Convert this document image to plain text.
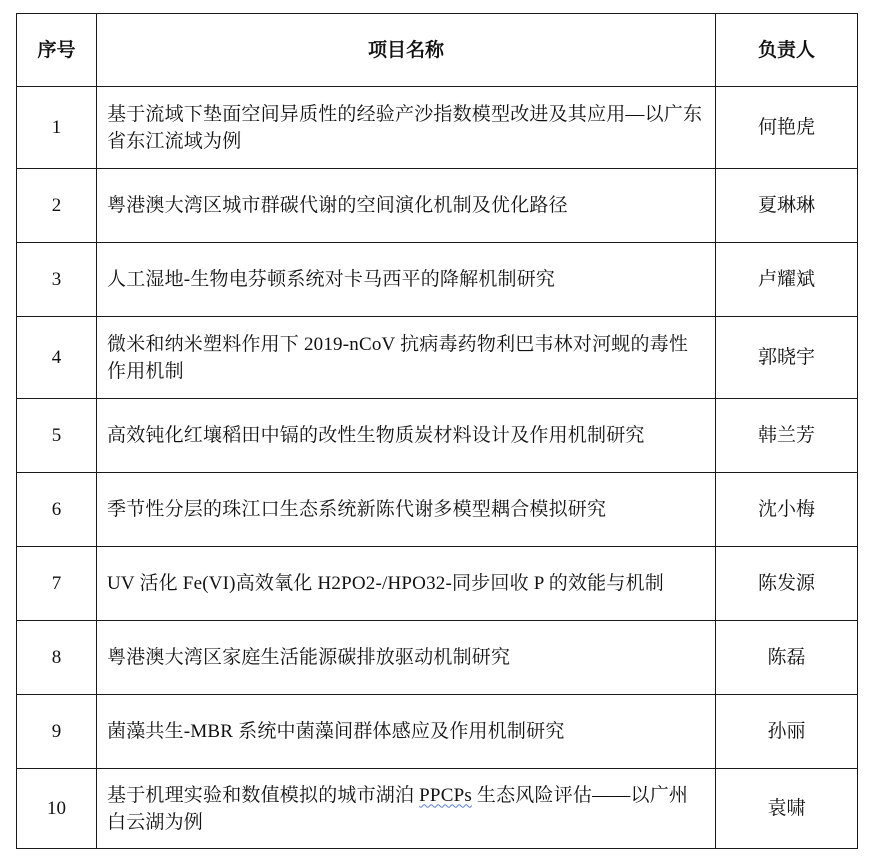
序号	项目名称	负责人
1	基于流域下垫面空间异质性的经验产沙指数模型改进及其应用—以广东省东江流域为例	何艳虎
2	粤港澳大湾区城市群碳代谢的空间演化机制及优化路径	夏琳琳
3	人工湿地-生物电芬顿系统对卡马西平的降解机制研究	卢耀斌
4	微米和纳米塑料作用下 2019-nCoV 抗病毒药物利巴韦林对河蚬的毒性作用机制	郭晓宇
5	高效钝化红壤稻田中镉的改性生物质炭材料设计及作用机制研究	韩兰芳
6	季节性分层的珠江口生态系统新陈代谢多模型耦合模拟研究	沈小梅
7	UV 活化 Fe(VI)高效氧化 H2PO2-/HPO32-同步回收 P 的效能与机制	陈发源
8	粤港澳大湾区家庭生活能源碳排放驱动机制研究	陈磊
9	菌藻共生-MBR 系统中菌藻间群体感应及作用机制研究	孙丽
10	基于机理实验和数值模拟的城市湖泊 PPCPs 生态风险评估——以广州白云湖为例	袁啸
